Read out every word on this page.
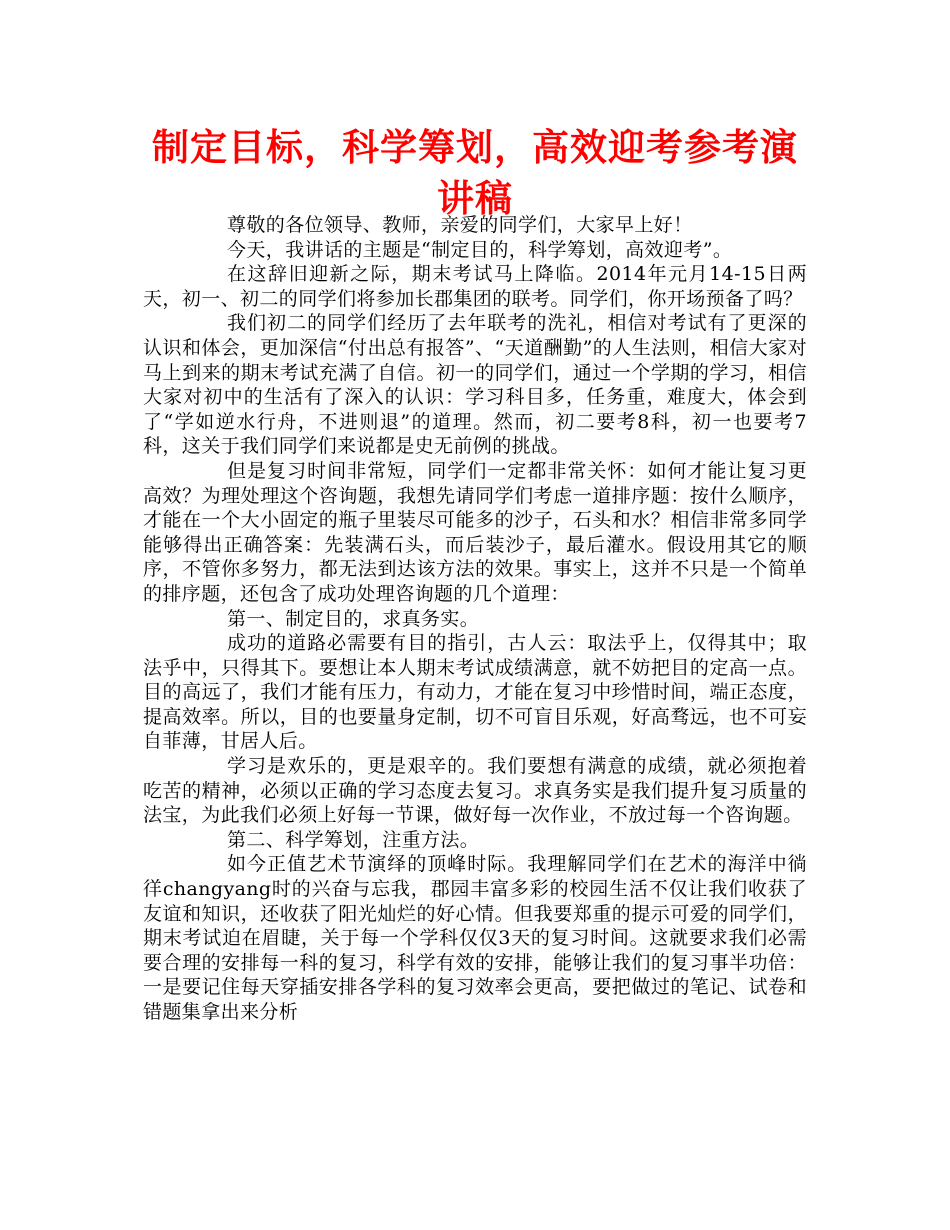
制定目标，科学筹划，高效迎考参考演讲稿

尊敬的各位领导、教师，亲爱的同学们，大家早上好！

今天，我讲话的主题是“制定目的，科学筹划，高效迎考”。

在这辞旧迎新之际，期末考试马上降临。2014年元月14-15日两天，初一、初二的同学们将参加长郡集团的联考。同学们，你开场预备了吗？

我们初二的同学们经历了去年联考的洗礼，相信对考试有了更深的认识和体会，更加深信“付出总有报答”、“天道酬勤”的人生法则，相信大家对马上到来的期末考试充满了自信。初一的同学们，通过一个学期的学习，相信大家对初中的生活有了深入的认识：学习科目多，任务重，难度大，体会到了“学如逆水行舟，不进则退”的道理。然而，初二要考8科，初一也要考7科，这关于我们同学们来说都是史无前例的挑战。

但是复习时间非常短，同学们一定都非常关怀：如何才能让复习更高效？为理处理这个咨询题，我想先请同学们考虑一道排序题：按什么顺序，才能在一个大小固定的瓶子里装尽可能多的沙子，石头和水？相信非常多同学能够得出正确答案：先装满石头，而后装沙子，最后灌水。假设用其它的顺序，不管你多努力，都无法到达该方法的效果。事实上，这并不只是一个简单的排序题，还包含了成功处理咨询题的几个道理：

第一、制定目的，求真务实。

成功的道路必需要有目的指引，古人云：取法乎上，仅得其中；取法乎中，只得其下。要想让本人期末考试成绩满意，就不妨把目的定高一点。目的高远了，我们才能有压力，有动力，才能在复习中珍惜时间，端正态度，提高效率。所以，目的也要量身定制，切不可盲目乐观，好高骛远，也不可妄自菲薄，甘居人后。

学习是欢乐的，更是艰辛的。我们要想有满意的成绩，就必须抱着吃苦的精神，必须以正确的学习态度去复习。求真务实是我们提升复习质量的法宝，为此我们必须上好每一节课，做好每一次作业，不放过每一个咨询题。

第二、科学筹划，注重方法。

如今正值艺术节演绎的顶峰时际。我理解同学们在艺术的海洋中徜徉changyang时的兴奋与忘我，郡园丰富多彩的校园生活不仅让我们收获了友谊和知识，还收获了阳光灿烂的好心情。但我要郑重的提示可爱的同学们，期末考试迫在眉睫，关于每一个学科仅仅3天的复习时间。这就要求我们必需要合理的安排每一科的复习，科学有效的安排，能够让我们的复习事半功倍：一是要记住每天穿插安排各学科的复习效率会更高，要把做过的笔记、试卷和错题集拿出来分析
